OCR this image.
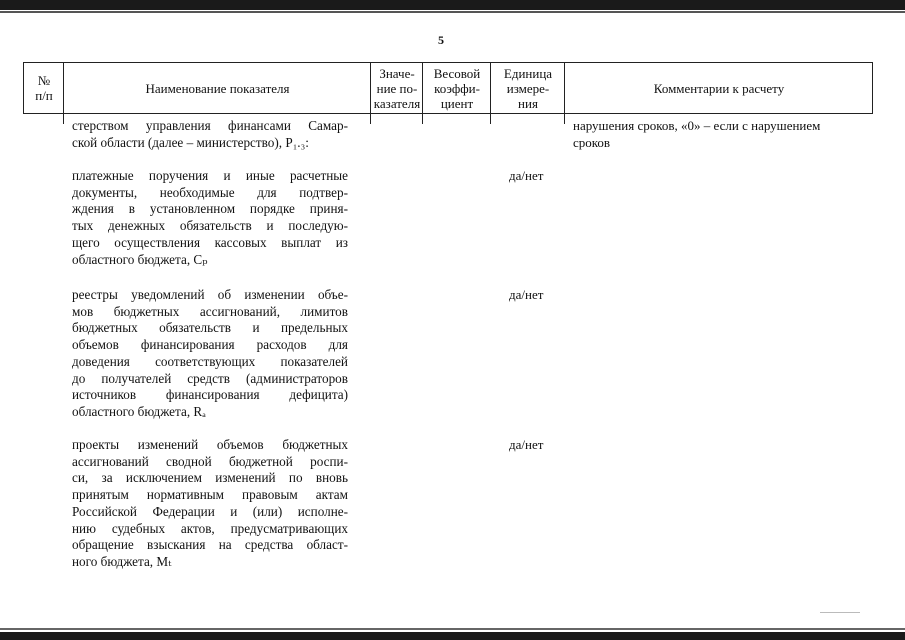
5
№
п/п	Наименование показателя
Значе-
ние по-
казателя
Весовой
коэффи-
циент
Единица
измере-
ния
Комментарии к расчету
стерством управления финансами Самар-
ской области (далее – министерство), P₁.₃:
нарушения сроков, «0» – если с нарушением
сроков
платежные поручения и иные расчетные
документы, необходимые для подтвер-
ждения в установленном порядке приня-
тых денежных обязательств и последую-
щего осуществления кассовых выплат из
областного бюджета, Cₚ
да/нет
реестры уведомлений об изменении объе-
мов бюджетных ассигнований, лимитов
бюджетных обязательств и предельных
объемов финансирования расходов для
доведения соответствующих показателей
до получателей средств (администраторов
источников финансирования дефицита)
областного бюджета, Rₐ
да/нет
проекты изменений объемов бюджетных
ассигнований сводной бюджетной роспи-
си, за исключением изменений по вновь
принятым нормативным правовым актам
Российской Федерации и (или) исполне-
нию судебных актов, предусматривающих
обращение взыскания на средства област-
ного бюджета, Mₜ
да/нет
